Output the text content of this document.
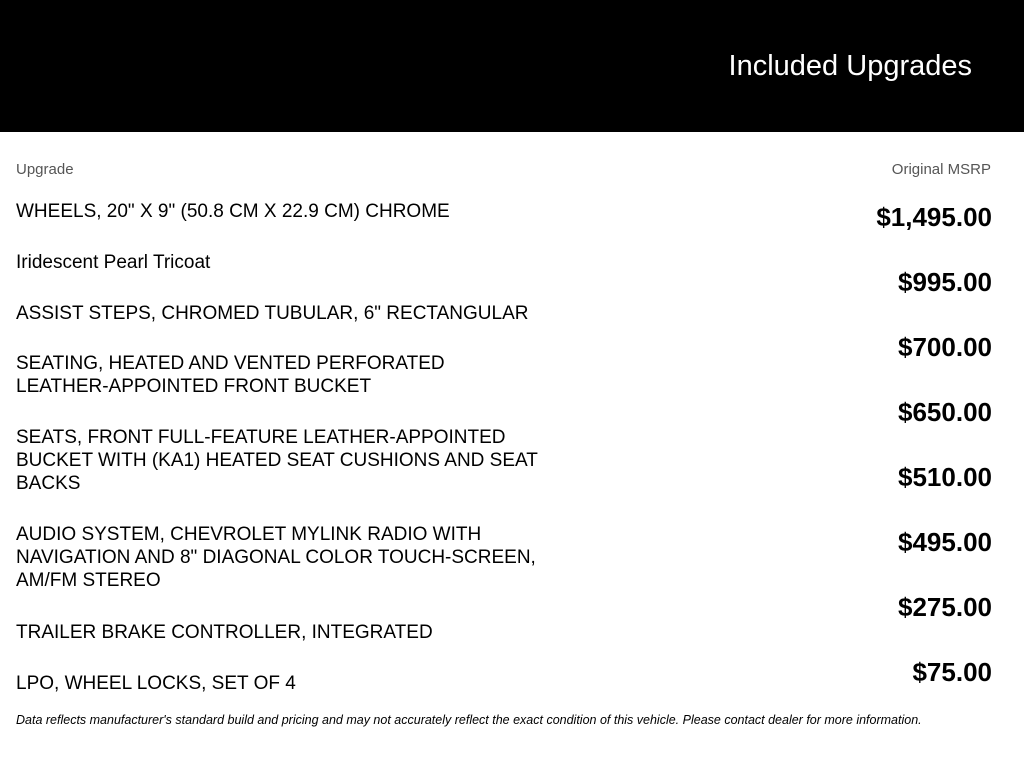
Included Upgrades
Upgrade	Original MSRP
WHEELS, 20" X 9" (50.8 CM X 22.9 CM) CHROME
Iridescent Pearl Tricoat
ASSIST STEPS, CHROMED TUBULAR, 6" RECTANGULAR
SEATING, HEATED AND VENTED PERFORATED LEATHER-APPOINTED FRONT BUCKET
SEATS, FRONT FULL-FEATURE LEATHER-APPOINTED BUCKET WITH (KA1) HEATED SEAT CUSHIONS AND SEAT BACKS
AUDIO SYSTEM, CHEVROLET MYLINK RADIO WITH NAVIGATION AND 8" DIAGONAL COLOR TOUCH-SCREEN, AM/FM STEREO
TRAILER BRAKE CONTROLLER, INTEGRATED
LPO, WHEEL LOCKS, SET OF 4
$1,495.00
$995.00
$700.00
$650.00
$510.00
$495.00
$275.00
$75.00
Data reflects manufacturer's standard build and pricing and may not accurately reflect the exact condition of this vehicle. Please contact dealer for more information.
